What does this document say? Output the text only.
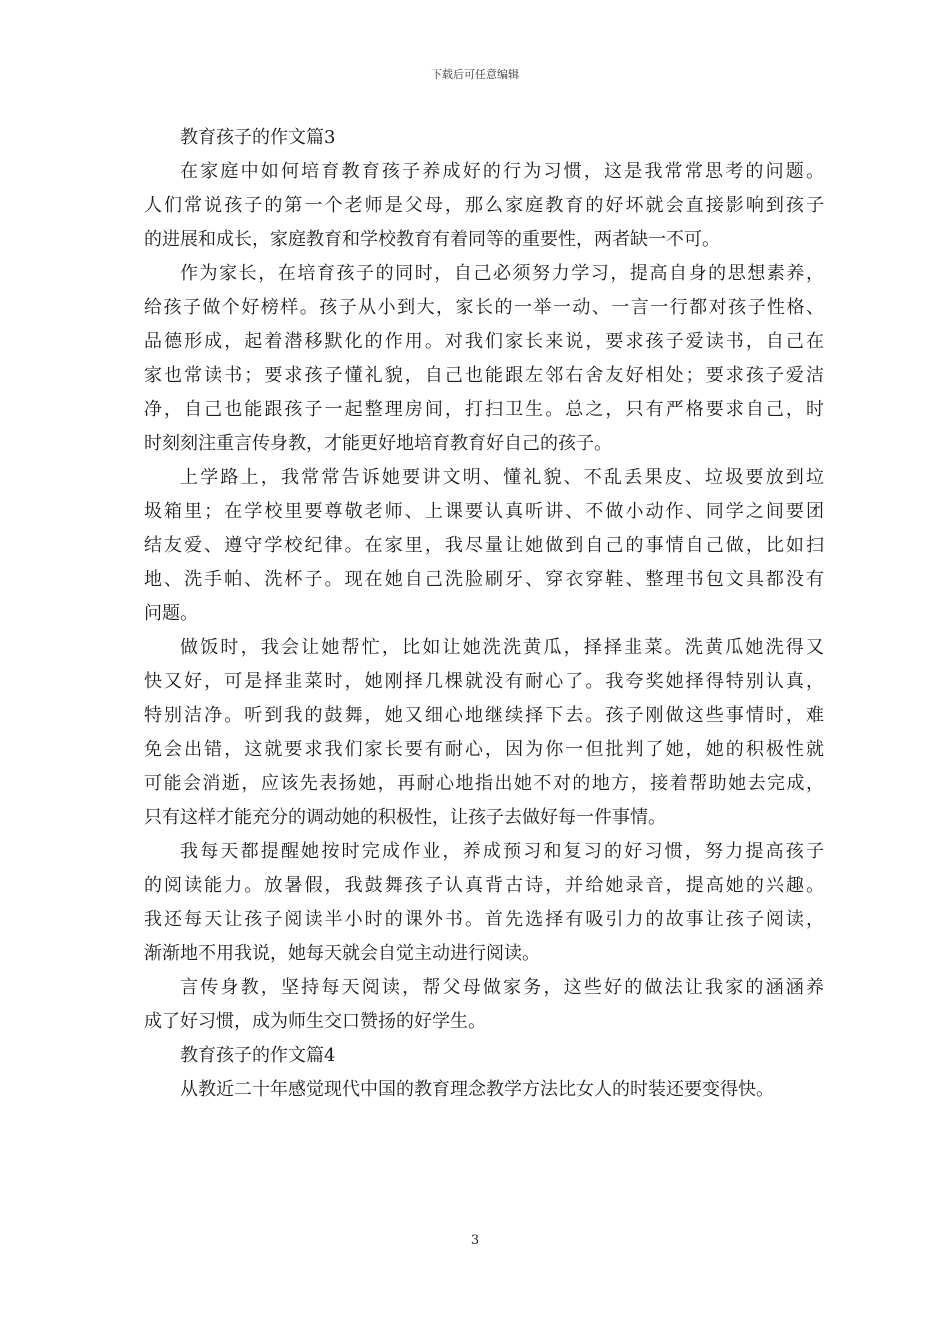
下载后可任意编辑
教育孩子的作文篇3
在家庭中如何培育教育孩子养成好的行为习惯，这是我常常思考的问题。
人们常说孩子的第一个老师是父母，那么家庭教育的好坏就会直接影响到孩子
的进展和成长，家庭教育和学校教育有着同等的重要性，两者缺一不可。
作为家长，在培育孩子的同时，自己必须努力学习，提高自身的思想素养，
给孩子做个好榜样。孩子从小到大，家长的一举一动、一言一行都对孩子性格、
品德形成，起着潜移默化的作用。对我们家长来说，要求孩子爱读书，自己在
家也常读书；要求孩子懂礼貌，自己也能跟左邻右舍友好相处；要求孩子爱洁
净，自己也能跟孩子一起整理房间，打扫卫生。总之，只有严格要求自己，时
时刻刻注重言传身教，才能更好地培育教育好自己的孩子。
上学路上，我常常告诉她要讲文明、懂礼貌、不乱丢果皮、垃圾要放到垃
圾箱里；在学校里要尊敬老师、上课要认真听讲、不做小动作、同学之间要团
结友爱、遵守学校纪律。在家里，我尽量让她做到自己的事情自己做，比如扫
地、洗手帕、洗杯子。现在她自己洗脸刷牙、穿衣穿鞋、整理书包文具都没有
问题。
做饭时，我会让她帮忙，比如让她洗洗黄瓜，择择韭菜。洗黄瓜她洗得又
快又好，可是择韭菜时，她刚择几棵就没有耐心了。我夸奖她择得特别认真，
特别洁净。听到我的鼓舞，她又细心地继续择下去。孩子刚做这些事情时，难
免会出错，这就要求我们家长要有耐心，因为你一但批判了她，她的积极性就
可能会消逝，应该先表扬她，再耐心地指出她不对的地方，接着帮助她去完成，
只有这样才能充分的调动她的积极性，让孩子去做好每一件事情。
我每天都提醒她按时完成作业，养成预习和复习的好习惯，努力提高孩子
的阅读能力。放暑假，我鼓舞孩子认真背古诗，并给她录音，提高她的兴趣。
我还每天让孩子阅读半小时的课外书。首先选择有吸引力的故事让孩子阅读，
渐渐地不用我说，她每天就会自觉主动进行阅读。
言传身教，坚持每天阅读，帮父母做家务，这些好的做法让我家的涵涵养
成了好习惯，成为师生交口赞扬的好学生。
教育孩子的作文篇4
从教近二十年感觉现代中国的教育理念教学方法比女人的时装还要变得快。
3
